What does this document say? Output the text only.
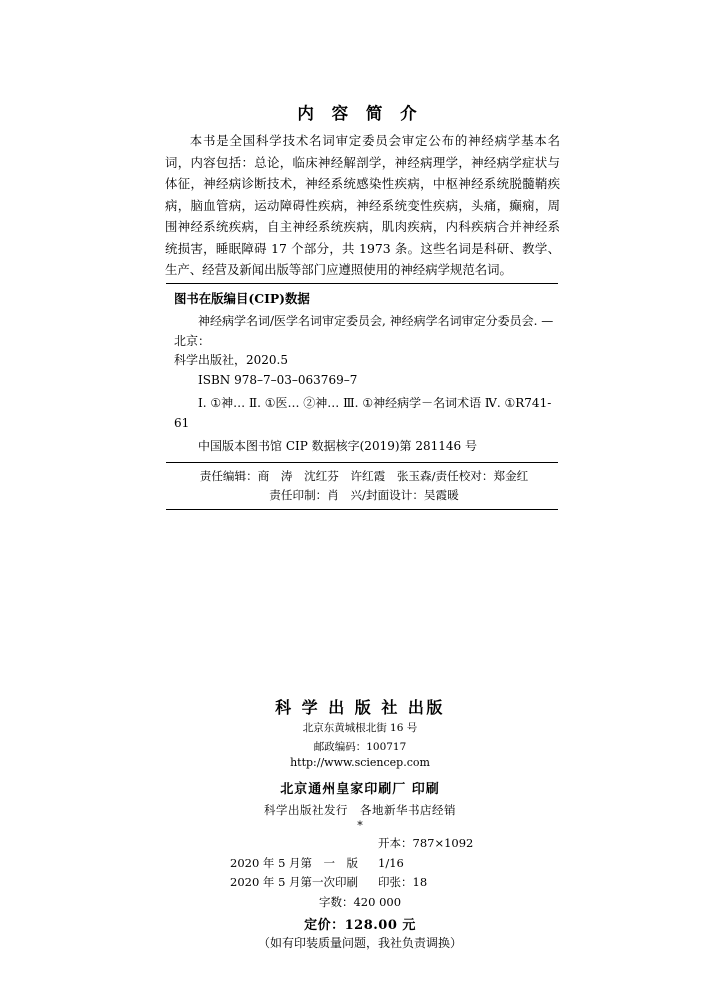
内 容 简 介
本书是全国科学技术名词审定委员会审定公布的神经病学基本名词，内容包括：总论，临床神经解剖学，神经病理学，神经病学症状与体征，神经病诊断技术，神经系统感染性疾病，中枢神经系统脱髓鞘疾病，脑血管病，运动障碍性疾病，神经系统变性疾病，头痛，癫痫，周围神经系统疾病，自主神经系统疾病，肌肉疾病，内科疾病合并神经系统损害，睡眠障碍 17 个部分，共 1973 条。这些名词是科研、教学、生产、经营及新闻出版等部门应遵照使用的神经病学规范名词。
图书在版编目(CIP)数据
神经病学名词/医学名词审定委员会, 神经病学名词审定分委员会. —北京：
科学出版社，2020.5
ISBN 978–7–03–063769–7
Ⅰ. ①神… Ⅱ. ①医… ②神… Ⅲ. ①神经病学－名词术语 Ⅳ. ①R741-61
中国版本图书馆 CIP 数据核字(2019)第 281146 号
责任编辑：商　涛　沈红芬　许红霞　张玉森/责任校对：郑金红
责任印制：肖　兴/封面设计：吴霞暖
科 学 出 版 社 出版
北京东黄城根北街 16 号
邮政编码：100717
http://www.sciencep.com
北京通州皇家印刷厂 印刷
科学出版社发行　各地新华书店经销
*
2020 年 5 月第　一　版开本：787×1092 1/16
2020 年 5 月第一次印刷 印张：18
字数：420 000
定价：128.00 元
（如有印装质量问题，我社负责调换）
